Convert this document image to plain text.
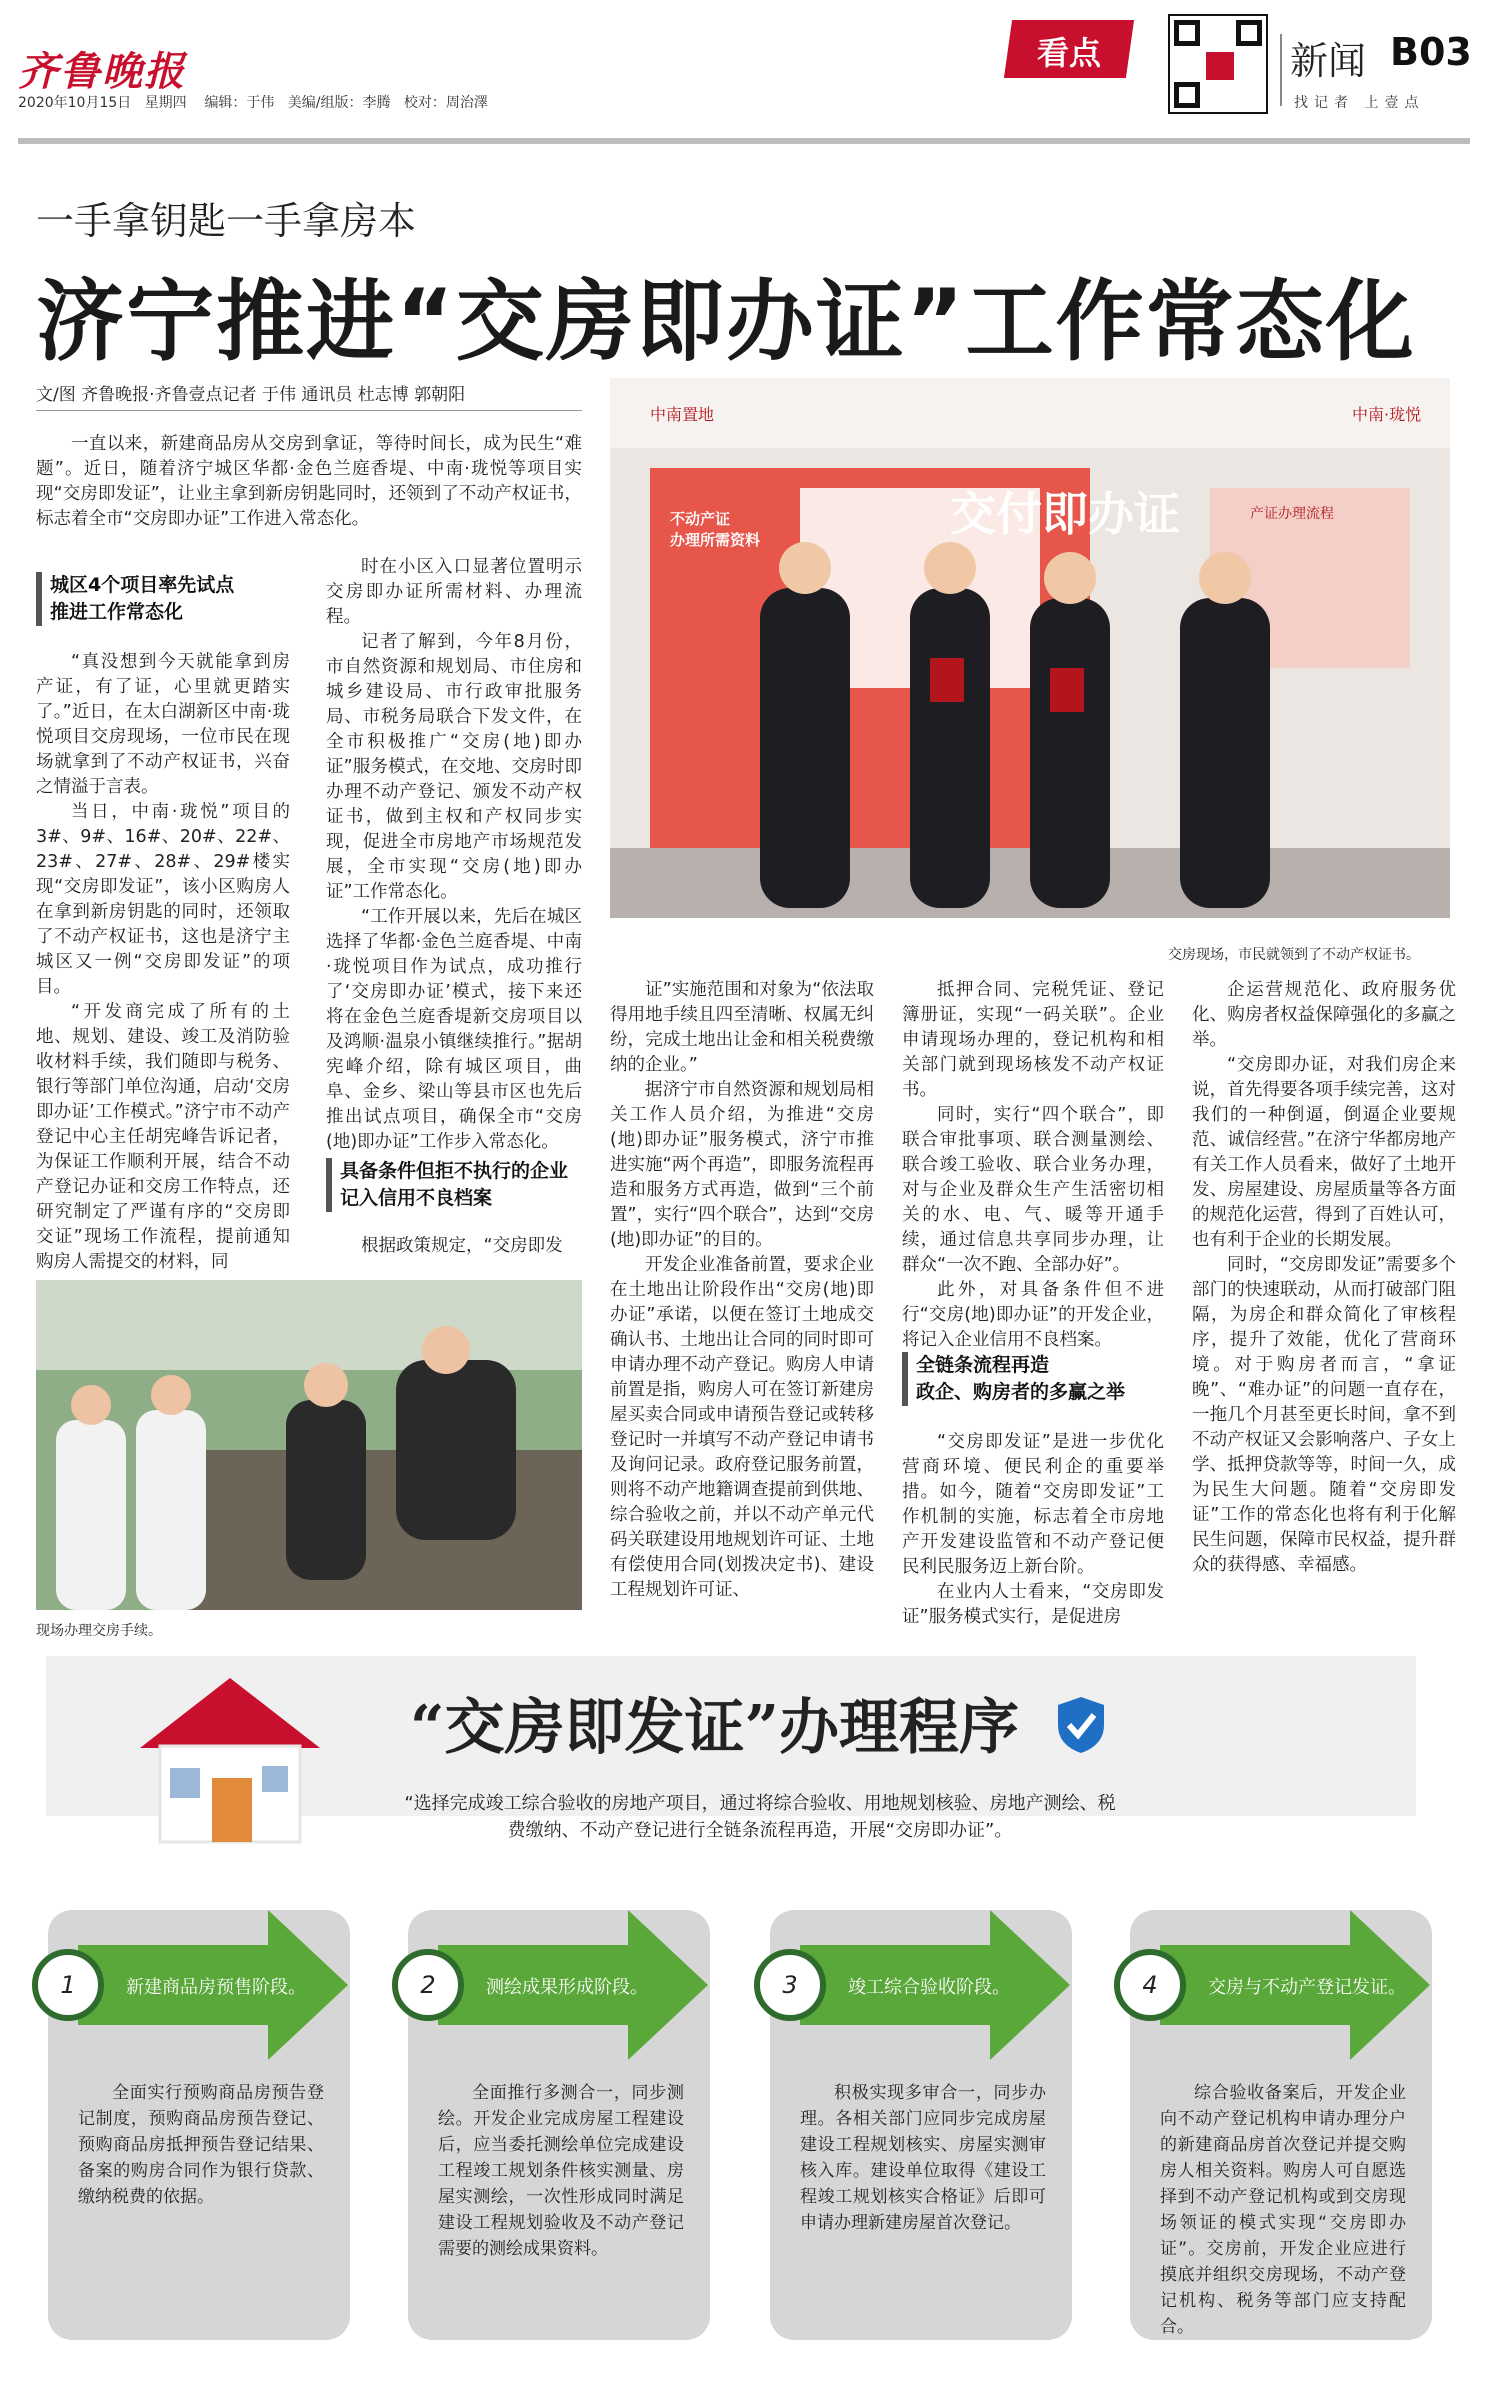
齐鲁晚报
2020年10月15日 星期四 编辑：于伟 美编/组版：李腾 校对：周治澤
看点	新闻 B03
找记者 上壹点
一手拿钥匙一手拿房本
济宁推进“交房即办证”工作常态化
文/图 齐鲁晚报·齐鲁壹点记者 于伟 通讯员 杜志博 郭朝阳

一直以来，新建商品房从交房到拿证，等待时间长，成为民生“难题”。近日，随着济宁城区华都·金色兰庭香堤、中南·珑悦等项目实现“交房即发证”，让业主拿到新房钥匙同时，还领到了不动产权证书，标志着全市“交房即办证”工作进入常态化。

城区4个项目率先试点
推进工作常态化

“真没想到今天就能拿到房产证，有了证，心里就更踏实了。”近日，在太白湖新区中南·珑悦项目交房现场，一位市民在现场就拿到了不动产权证书，兴奋之情溢于言表。

当日，中南·珑悦”项目的3#、9#、16#、20#、22#、23#、27#、28#、29#楼实现“交房即发证”，该小区购房人在拿到新房钥匙的同时，还领取了不动产权证书，这也是济宁主城区又一例“交房即发证”的项目。

“开发商完成了所有的土地、规划、建设、竣工及消防验收材料手续，我们随即与税务、银行等部门单位沟通，启动‘交房即办证’工作模式。”济宁市不动产登记中心主任胡宪峰告诉记者，为保证工作顺利开展，结合不动产登记办证和交房工作特点，还研究制定了严谨有序的“交房即交证”现场工作流程，提前通知购房人需提交的材料，同

时在小区入口显著位置明示交房即办证所需材料、办理流程。

记者了解到，今年8月份，市自然资源和规划局、市住房和城乡建设局、市行政审批服务局、市税务局联合下发文件，在全市积极推广“交房(地)即办证”服务模式，在交地、交房时即办理不动产登记、颁发不动产权证书，做到主权和产权同步实现，促进全市房地产市场规范发展，全市实现“交房(地)即办证”工作常态化。

“工作开展以来，先后在城区选择了华都·金色兰庭香堤、中南·珑悦项目作为试点，成功推行了‘交房即办证’模式，接下来还将在金色兰庭香堤新交房项目以及鸿顺·温泉小镇继续推行。”据胡宪峰介绍，除有城区项目，曲阜、金乡、梁山等县市区也先后推出试点项目，确保全市“交房(地)即办证”工作步入常态化。

具备条件但拒不执行的企业
记入信用不良档案

根据政策规定，“交房即发

交付即办证
中南置地	中南·珑悦
不动产证
办理所需资料
产证办理流程
交房现场，市民就领到了不动产权证书。
现场办理交房手续。

证”实施范围和对象为“依法取得用地手续且四至清晰、权属无纠纷，完成土地出让金和相关税费缴纳的企业。”

据济宁市自然资源和规划局相关工作人员介绍，为推进“交房(地)即办证”服务模式，济宁市推进实施“两个再造”，即服务流程再造和服务方式再造，做到“三个前置”，实行“四个联合”，达到“交房(地)即办证”的目的。

开发企业准备前置，要求企业在土地出让阶段作出“交房(地)即办证”承诺，以便在签订土地成交确认书、土地出让合同的同时即可申请办理不动产登记。购房人申请前置是指，购房人可在签订新建房屋买卖合同或申请预告登记或转移登记时一并填写不动产登记申请书及询问记录。政府登记服务前置，则将不动产地籍调查提前到供地、综合验收之前，并以不动产单元代码关联建设用地规划许可证、土地有偿使用合同(划拨决定书)、建设工程规划许可证、

抵押合同、完税凭证、登记簿册证，实现“一码关联”。企业申请现场办理的，登记机构和相关部门就到现场核发不动产权证书。

同时，实行“四个联合”，即联合审批事项、联合测量测绘、联合竣工验收、联合业务办理，对与企业及群众生产生活密切相关的水、电、气、暖等开通手续，通过信息共享同步办理，让群众“一次不跑、全部办好”。

此外，对具备条件但不进行“交房(地)即办证”的开发企业，将记入企业信用不良档案。

全链条流程再造
政企、购房者的多赢之举

“交房即发证”是进一步优化营商环境、便民利企的重要举措。如今，随着“交房即发证”工作机制的实施，标志着全市房地产开发建设监管和不动产登记便民利民服务迈上新台阶。

在业内人士看来，“交房即发证”服务模式实行，是促进房

企运营规范化、政府服务优化、购房者权益保障强化的多赢之举。

“交房即办证，对我们房企来说，首先得要各项手续完善，这对我们的一种倒逼，倒逼企业要规范、诚信经营。”在济宁华都房地产有关工作人员看来，做好了土地开发、房屋建设、房屋质量等各方面的规范化运营，得到了百姓认可，也有利于企业的长期发展。

同时，“交房即发证”需要多个部门的快速联动，从而打破部门阻隔，为房企和群众简化了审核程序，提升了效能，优化了营商环境。对于购房者而言，“拿证晚”、“难办证”的问题一直存在，一拖几个月甚至更长时间，拿不到不动产权证又会影响落户、子女上学、抵押贷款等等，时间一久，成为民生大问题。随着“交房即发证”工作的常态化也将有利于化解民生问题，保障市民权益，提升群众的获得感、幸福感。

“交房即发证”办理程序
“选择完成竣工综合验收的房地产项目，通过将综合验收、用地规划核验、房地产测绘、税费缴纳、不动产登记进行全链条流程再造，开展“交房即办证”。
1	新建商品房预售阶段。

全面实行预购商品房预告登记制度，预购商品房预告登记、预购商品房抵押预告登记结果、备案的购房合同作为银行贷款、缴纳税费的依据。

2	测绘成果形成阶段。

全面推行多测合一，同步测绘。开发企业完成房屋工程建设后，应当委托测绘单位完成建设工程竣工规划条件核实测量、房屋实测绘，一次性形成同时满足建设工程规划验收及不动产登记需要的测绘成果资料。

3	竣工综合验收阶段。

积极实现多审合一，同步办理。各相关部门应同步完成房屋建设工程规划核实、房屋实测审核入库。建设单位取得《建设工程竣工规划核实合格证》后即可申请办理新建房屋首次登记。

4	交房与不动产登记发证。

综合验收备案后，开发企业向不动产登记机构申请办理分户的新建商品房首次登记并提交购房人相关资料。购房人可自愿选择到不动产登记机构或到交房现场领证的模式实现“交房即办证”。交房前，开发企业应进行摸底并组织交房现场，不动产登记机构、税务等部门应支持配合。
